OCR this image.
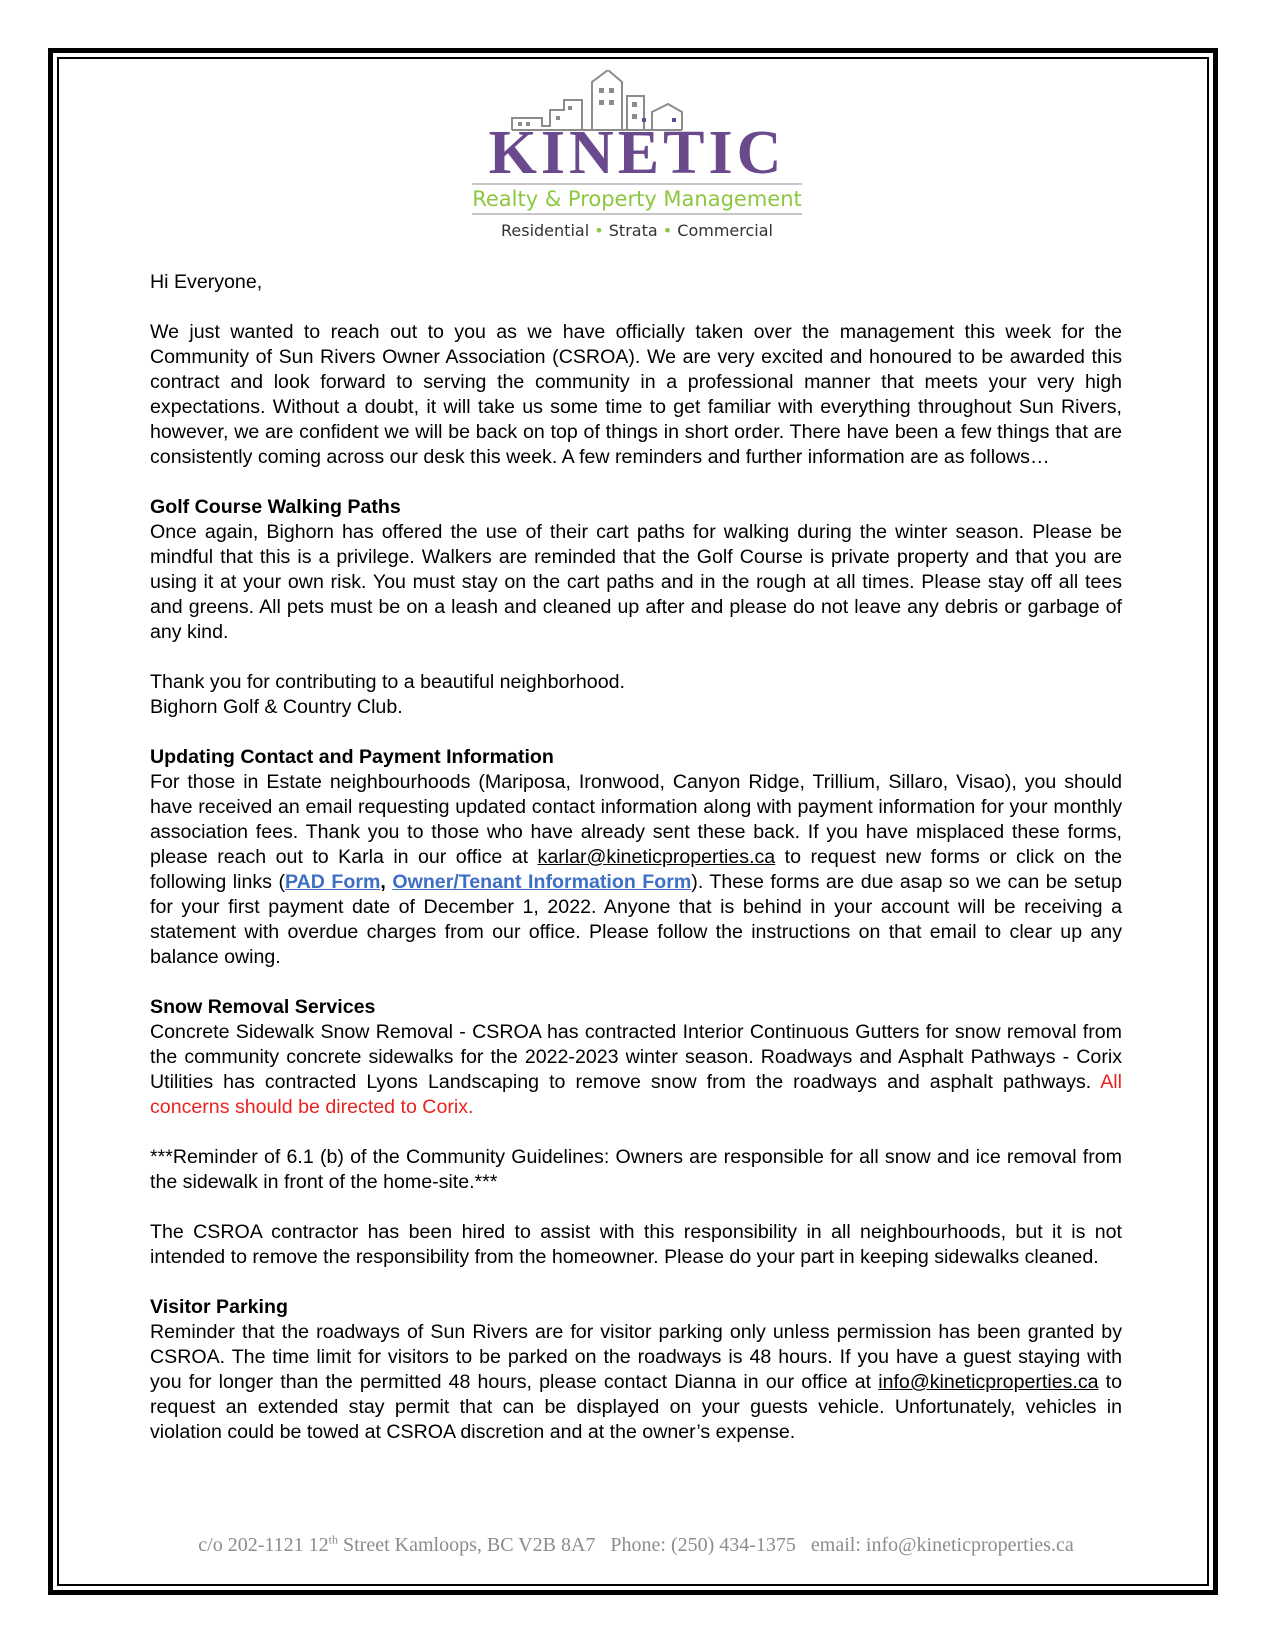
KINETIC
Realty & Property Management
Residential • Strata • Commercial

Hi Everyone,

We just wanted to reach out to you as we have officially taken over the management this week for the Community of Sun Rivers Owner Association (CSROA). We are very excited and honoured to be awarded this contract and look forward to serving the community in a professional manner that meets your very high expectations. Without a doubt, it will take us some time to get familiar with everything throughout Sun Rivers, however, we are confident we will be back on top of things in short order. There have been a few things that are consistently coming across our desk this week. A few reminders and further information are as follows…

Golf Course Walking Paths
Once again, Bighorn has offered the use of their cart paths for walking during the winter season. Please be mindful that this is a privilege. Walkers are reminded that the Golf Course is private property and that you are using it at your own risk. You must stay on the cart paths and in the rough at all times. Please stay off all tees and greens. All pets must be on a leash and cleaned up after and please do not leave any debris or garbage of any kind.

Thank you for contributing to a beautiful neighborhood.
Bighorn Golf & Country Club.

Updating Contact and Payment Information
For those in Estate neighbourhoods (Mariposa, Ironwood, Canyon Ridge, Trillium, Sillaro, Visao), you should have received an email requesting updated contact information along with payment information for your monthly association fees. Thank you to those who have already sent these back. If you have misplaced these forms, please reach out to Karla in our office at karlar@kineticproperties.ca to request new forms or click on the following links (PAD Form, Owner/Tenant Information Form). These forms are due asap so we can be setup for your first payment date of December 1, 2022. Anyone that is behind in your account will be receiving a statement with overdue charges from our office. Please follow the instructions on that email to clear up any balance owing.

Snow Removal Services
Concrete Sidewalk Snow Removal - CSROA has contracted Interior Continuous Gutters for snow removal from the community concrete sidewalks for the 2022-2023 winter season. Roadways and Asphalt Pathways - Corix Utilities has contracted Lyons Landscaping to remove snow from the roadways and asphalt pathways. All concerns should be directed to Corix.

***Reminder of 6.1 (b) of the Community Guidelines: Owners are responsible for all snow and ice removal from the sidewalk in front of the home-site.***

The CSROA contractor has been hired to assist with this responsibility in all neighbourhoods, but it is not intended to remove the responsibility from the homeowner. Please do your part in keeping sidewalks cleaned.

Visitor Parking
Reminder that the roadways of Sun Rivers are for visitor parking only unless permission has been granted by CSROA. The time limit for visitors to be parked on the roadways is 48 hours. If you have a guest staying with you for longer than the permitted 48 hours, please contact Dianna in our office at info@kineticproperties.ca to request an extended stay permit that can be displayed on your guests vehicle. Unfortunately, vehicles in violation could be towed at CSROA discretion and at the owner’s expense.

c/o 202-1121 12th Street Kamloops, BC V2B 8A7   Phone: (250) 434-1375   email: info@kineticproperties.ca
